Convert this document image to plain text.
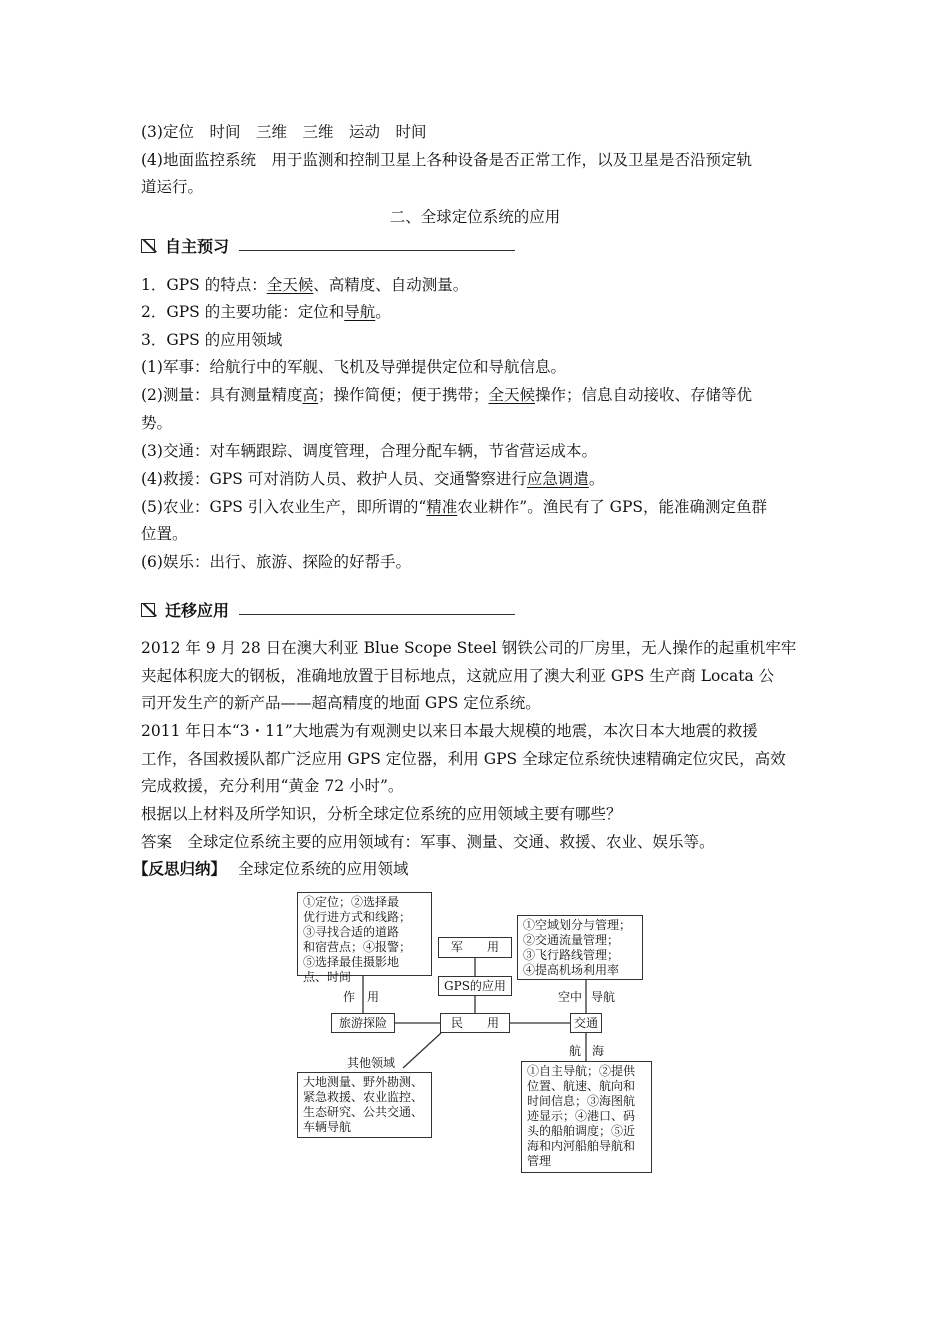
(3)定位　时间　三维　三维　运动　时间
(4)地面监控系统　用于监测和控制卫星上各种设备是否正常工作，以及卫星是否沿预定轨
道运行。
二、全球定位系统的应用
自主预习
1．GPS 的特点：全天候、高精度、自动测量。
2．GPS 的主要功能：定位和导航。
3．GPS 的应用领域
(1)军事：给航行中的军舰、飞机及导弹提供定位和导航信息。
(2)测量：具有测量精度高；操作简便；便于携带；全天候操作；信息自动接收、存储等优
势。
(3)交通：对车辆跟踪、调度管理，合理分配车辆，节省营运成本。
(4)救援：GPS 可对消防人员、救护人员、交通警察进行应急调遣。
(5)农业：GPS 引入农业生产，即所谓的“精准农业耕作”。渔民有了 GPS，能准确测定鱼群
位置。
(6)娱乐：出行、旅游、探险的好帮手。
迁移应用
2012 年 9 月 28 日在澳大利亚 Blue Scope Steel 钢铁公司的厂房里，无人操作的起重机牢牢
夹起体积庞大的钢板，准确地放置于目标地点，这就应用了澳大利亚 GPS 生产商 Locata 公
司开发生产的新产品——超高精度的地面 GPS 定位系统。
2011 年日本“3・11”大地震为有观测史以来日本最大规模的地震，本次日本大地震的救援
工作，各国救援队都广泛应用 GPS 定位器，利用 GPS 全球定位系统快速精确定位灾民，高效
完成救援，充分利用“黄金 72 小时”。
根据以上材料及所学知识，分析全球定位系统的应用领域主要有哪些？
答案　全球定位系统主要的应用领域有：军事、测量、交通、救援、农业、娱乐等。
【反思归纳】 全球定位系统的应用领域
①定位；②选择最
优行进方式和线路；
③寻找合适的道路
和宿营点；④报警；
⑤选择最佳摄影地
点、时间
军　　用
GPS的应用
民　　用
旅游探险	交通
①空域划分与管理；
②交通流量管理；
③飞行路线管理；
④提高机场利用率
大地测量、野外勘测、
紧急救援、农业监控、
生态研究、公共交通、
车辆导航
①自主导航；②提供
位置、航速、航向和
时间信息；③海图航
迹显示；④港口、码
头的船舶调度；⑤近
海和内河船舶导航和
管理
作　用	空中 导航
航 海
其他领域
